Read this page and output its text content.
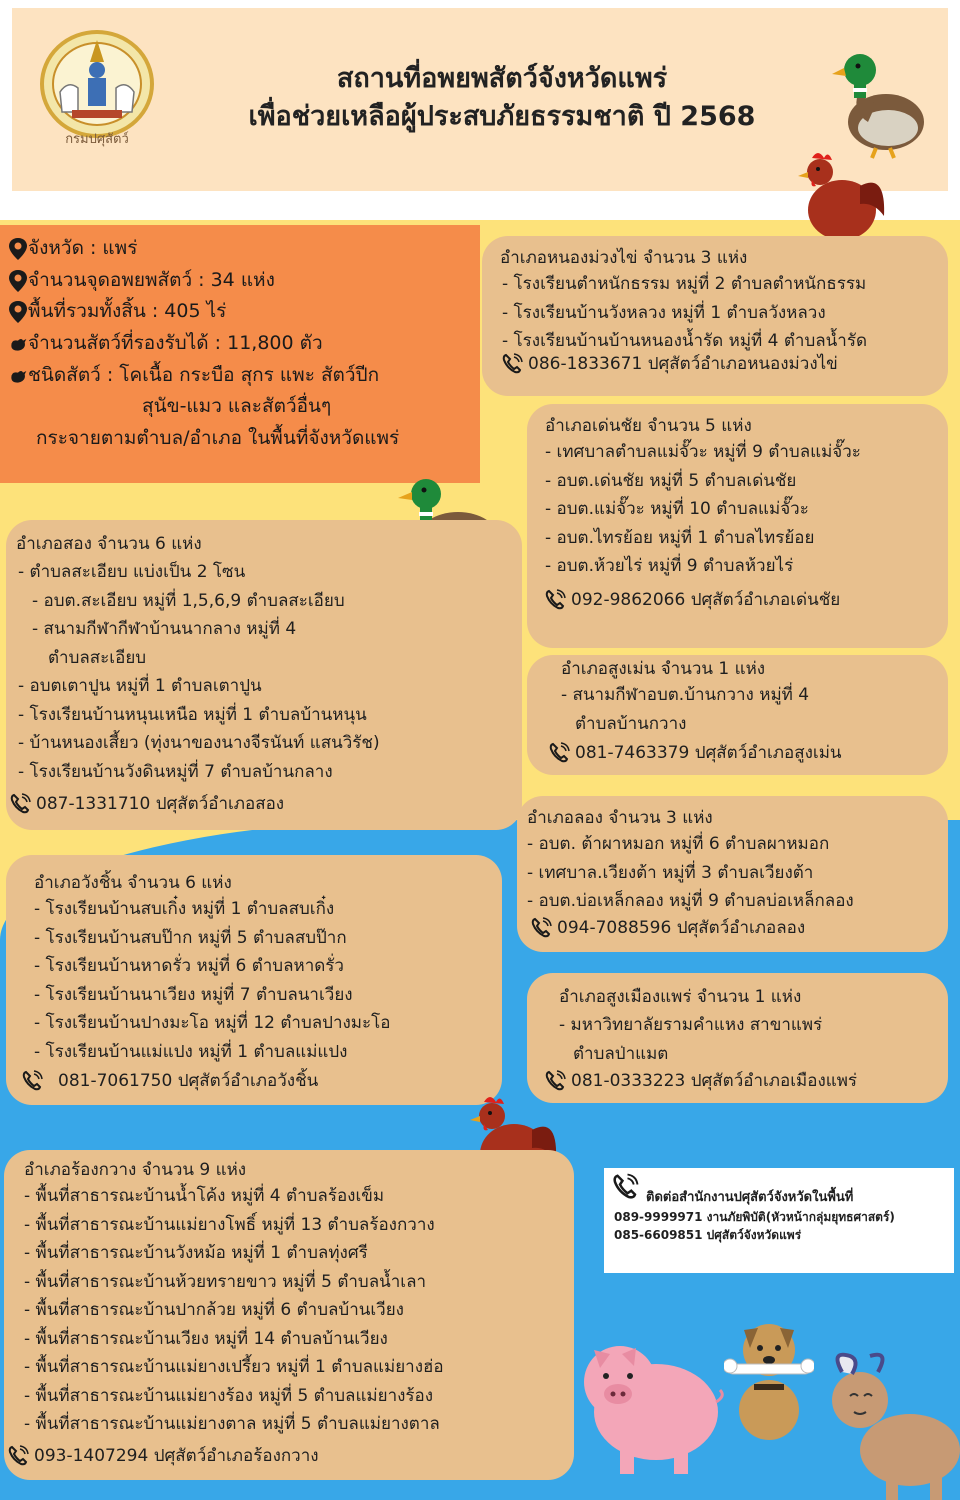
กรมปศุสัตว์
สถานที่อพยพสัตว์จังหวัดแพร่
เพื่อช่วยเหลือผู้ประสบภัยธรรมชาติ ปี 2568
จังหวัด : แพร่
จำนวนจุดอพยพสัตว์ : 34 แห่ง
พื้นที่รวมทั้งสิ้น : 405 ไร่
จำนวนสัตว์ที่รองรับได้ : 11,800 ตัว
ชนิดสัตว์ : โคเนื้อ กระบือ สุกร แพะ สัตว์ปีก
สุนัข-แมว และสัตว์อื่นๆ
กระจายตามตำบล/อำเภอ ในพื้นที่จังหวัดแพร่
อำเภอหนองม่วงไข่ จำนวน 3 แห่ง
- โรงเรียนตำหนักธรรม หมู่ที่ 2 ตำบลตำหนักธรรม
- โรงเรียนบ้านวังหลวง หมู่ที่ 1 ตำบลวังหลวง
- โรงเรียนบ้านบ้านหนองน้ำรัด หมู่ที่ 4 ตำบลน้ำรัด
086-1833671 ปศุสัตว์อำเภอหนองม่วงไข่
อำเภอเด่นชัย จำนวน 5 แห่ง
- เทศบาลตำบลแม่จั๊วะ หมู่ที่ 9 ตำบลแม่จั๊วะ
- อบต.เด่นชัย หมู่ที่ 5 ตำบลเด่นชัย
- อบต.แม่จั๊วะ หมู่ที่ 10 ตำบลแม่จั๊วะ
- อบต.ไทรย้อย หมู่ที่ 1 ตำบลไทรย้อย
- อบต.ห้วยไร่ หมู่ที่ 9 ตำบลห้วยไร่
092-9862066 ปศุสัตว์อำเภอเด่นชัย
อำเภอสอง จำนวน 6 แห่ง
- ตำบลสะเอียบ แบ่งเป็น 2 โซน
- อบต.สะเอียบ หมู่ที่ 1,5,6,9 ตำบลสะเอียบ
- สนามกีฬากีฬาบ้านนากลาง หมู่ที่ 4
ตำบลสะเอียบ
- อบตเตาปูน หมู่ที่ 1 ตำบลเตาปูน
- โรงเรียนบ้านหนุนเหนือ หมู่ที่ 1 ตำบลบ้านหนุน
- บ้านหนองเสี้ยว (ทุ่งนาของนางจีรนันท์ แสนวิรัช)
- โรงเรียนบ้านวังดินหมู่ที่ 7 ตำบลบ้านกลาง
087-1331710 ปศุสัตว์อำเภอสอง
อำเภอสูงเม่น จำนวน 1 แห่ง
- สนามกีฬาอบต.บ้านกวาง หมู่ที่ 4
ตำบลบ้านกวาง
081-7463379 ปศุสัตว์อำเภอสูงเม่น
อำเภอลอง จำนวน 3 แห่ง
- อบต. ต้าผาหมอก หมู่ที่ 6 ตำบลผาหมอก
- เทศบาล.เวียงต้า หมู่ที่ 3 ตำบลเวียงต้า
- อบต.บ่อเหล็กลอง หมู่ที่ 9 ตำบลบ่อเหล็กลอง
094-7088596 ปศุสัตว์อำเภอลอง
อำเภอวังชิ้น จำนวน 6 แห่ง
- โรงเรียนบ้านสบเกิ๋ง หมู่ที่ 1 ตำบลสบเกิ๋ง
- โรงเรียนบ้านสบป๊าก หมู่ที่ 5 ตำบลสบป๊าก
- โรงเรียนบ้านหาดรั่ว หมู่ที่ 6 ตำบลหาดรั่ว
- โรงเรียนบ้านนาเวียง หมู่ที่ 7 ตำบลนาเวียง
- โรงเรียนบ้านปางมะโอ หมู่ที่ 12 ตำบลปางมะโอ
- โรงเรียนบ้านแม่แปง หมู่ที่ 1 ตำบลแม่แปง
081-7061750 ปศุสัตว์อำเภอวังชิ้น
อำเภอสูงเมืองแพร่ จำนวน 1 แห่ง
- มหาวิทยาลัยรามคำแหง สาขาแพร่
ตำบลป่าแมต
081-0333223 ปศุสัตว์อำเภอเมืองแพร่
อำเภอร้องกวาง จำนวน 9 แห่ง
- พื้นที่สาธารณะบ้านน้ำโค้ง หมู่ที่ 4 ตำบลร้องเข็ม
- พื้นที่สาธารณะบ้านแม่ยางโพธิ์ หมู่ที่ 13 ตำบลร้องกวาง
- พื้นที่สาธารณะบ้านวังหม้อ หมู่ที่ 1 ตำบลทุ่งศรี
- พื้นที่สาธารณะบ้านห้วยทรายขาว หมู่ที่ 5 ตำบลน้ำเลา
- พื้นที่สาธารณะบ้านปากล้วย หมู่ที่ 6 ตำบลบ้านเวียง
- พื้นที่สาธารณะบ้านเวียง หมู่ที่ 14 ตำบลบ้านเวียง
- พื้นที่สาธารณะบ้านแม่ยางเปรี้ยว หมู่ที่ 1 ตำบลแม่ยางฮ่อ
- พื้นที่สาธารณะบ้านแม่ยางร้อง หมู่ที่ 5 ตำบลแม่ยางร้อง
- พื้นที่สาธารณะบ้านแม่ยางตาล หมู่ที่ 5 ตำบลแม่ยางตาล
093-1407294 ปศุสัตว์อำเภอร้องกวาง
ติดต่อสำนักงานปศุสัตว์จังหวัดในพื้นที่
089-9999971 งานภัยพิบัติ(หัวหน้ากลุ่มยุทธศาสตร์)
085-6609851 ปศุสัตว์จังหวัดแพร่
